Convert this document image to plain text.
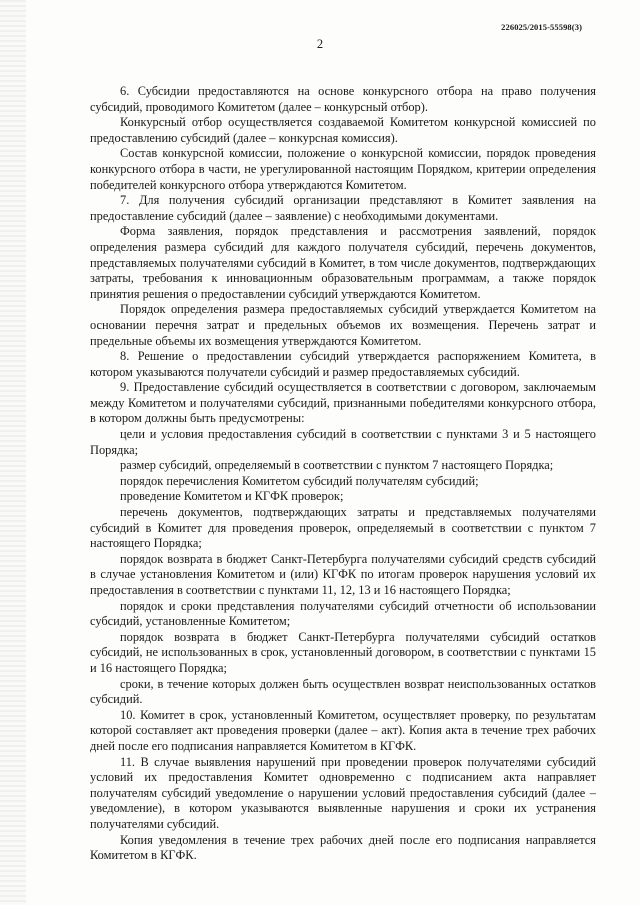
226025/2015-55598(3)
2

6. Субсидии предоставляются на основе конкурсного отбора на право получения субсидий, проводимого Комитетом (далее – конкурсный отбор).

Конкурсный отбор осуществляется создаваемой Комитетом конкурсной комиссией по предоставлению субсидий (далее – конкурсная комиссия).

Состав конкурсной комиссии, положение о конкурсной комиссии, порядок проведения конкурсного отбора в части, не урегулированной настоящим Порядком, критерии определения победителей конкурсного отбора утверждаются Комитетом.

7. Для получения субсидий организации представляют в Комитет заявления на предоставление субсидий (далее – заявление) с необходимыми документами.

Форма заявления, порядок представления и рассмотрения заявлений, порядок определения размера субсидий для каждого получателя субсидий, перечень документов, представляемых получателями субсидий в Комитет, в том числе документов, подтверждающих затраты, требования к инновационным образовательным программам, а также порядок принятия решения о предоставлении субсидий утверждаются Комитетом.

Порядок определения размера предоставляемых субсидий утверждается Комитетом на основании перечня затрат и предельных объемов их возмещения. Перечень затрат и предельные объемы их возмещения утверждаются Комитетом.

8. Решение о предоставлении субсидий утверждается распоряжением Комитета, в котором указываются получатели субсидий и размер предоставляемых субсидий.

9. Предоставление субсидий осуществляется в соответствии с договором, заключаемым между Комитетом и получателями субсидий, признанными победителями конкурсного отбора, в котором должны быть предусмотрены:

цели и условия предоставления субсидий в соответствии с пунктами 3 и 5 настоящего Порядка;

размер субсидий, определяемый в соответствии с пунктом 7 настоящего Порядка;

порядок перечисления Комитетом субсидий получателям субсидий;

проведение Комитетом и КГФК проверок;

перечень документов, подтверждающих затраты и представляемых получателями субсидий в Комитет для проведения проверок, определяемый в соответствии с пунктом 7 настоящего Порядка;

порядок возврата в бюджет Санкт-Петербурга получателями субсидий средств субсидий в случае установления Комитетом и (или) КГФК по итогам проверок нарушения условий их предоставления в соответствии с пунктами 11, 12, 13 и 16 настоящего Порядка;

порядок и сроки представления получателями субсидий отчетности об использовании субсидий, установленные Комитетом;

порядок возврата в бюджет Санкт-Петербурга получателями субсидий остатков субсидий, не использованных в срок, установленный договором, в соответствии с пунктами 15 и 16 настоящего Порядка;

сроки, в течение которых должен быть осуществлен возврат неиспользованных остатков субсидий.

10. Комитет в срок, установленный Комитетом, осуществляет проверку, по результатам которой составляет акт проведения проверки (далее – акт). Копия акта в течение трех рабочих дней после его подписания направляется Комитетом в КГФК.

11. В случае выявления нарушений при проведении проверок получателями субсидий условий их предоставления Комитет одновременно с подписанием акта направляет получателям субсидий уведомление о нарушении условий предоставления субсидий (далее – уведомление), в котором указываются выявленные нарушения и сроки их устранения получателями субсидий.

Копия уведомления в течение трех рабочих дней после его подписания направляется Комитетом в КГФК.
